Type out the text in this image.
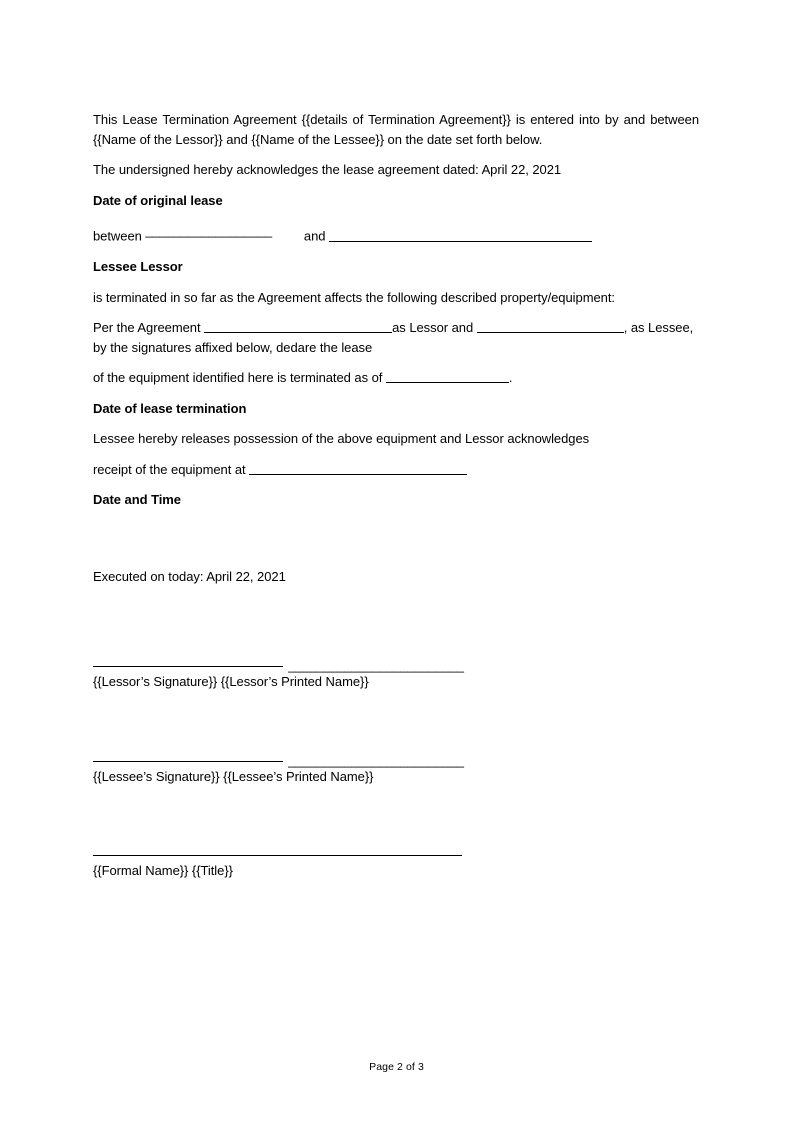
This Lease Termination Agreement {{details of Termination Agreement}} is entered into by and between {{Name of the Lessor}} and {{Name of the Lessee}} on the date set forth below.

The undersigned hereby acknowledges the lease agreement dated: April 22, 2021

Date of original lease

between __________________ and

Lessee Lessor

is terminated in so far as the Agreement affects the following described property/equipment:

Per the Agreement	as Lessor and	, as Lessee, by the signatures affixed below, dedare the lease

of the equipment identified here is terminated as of	.

Date of lease termination

Lessee hereby releases possession of the above equipment and Lessor acknowledges

receipt of the equipment at

Date and Time

Executed on today: April 22, 2021

_________________________

{{Lessor’s Signature}} {{Lessor’s Printed Name}}

_________________________

{{Lessee’s Signature}} {{Lessee’s Printed Name}}

{{Formal Name}} {{Title}}

Page 2 of 3
